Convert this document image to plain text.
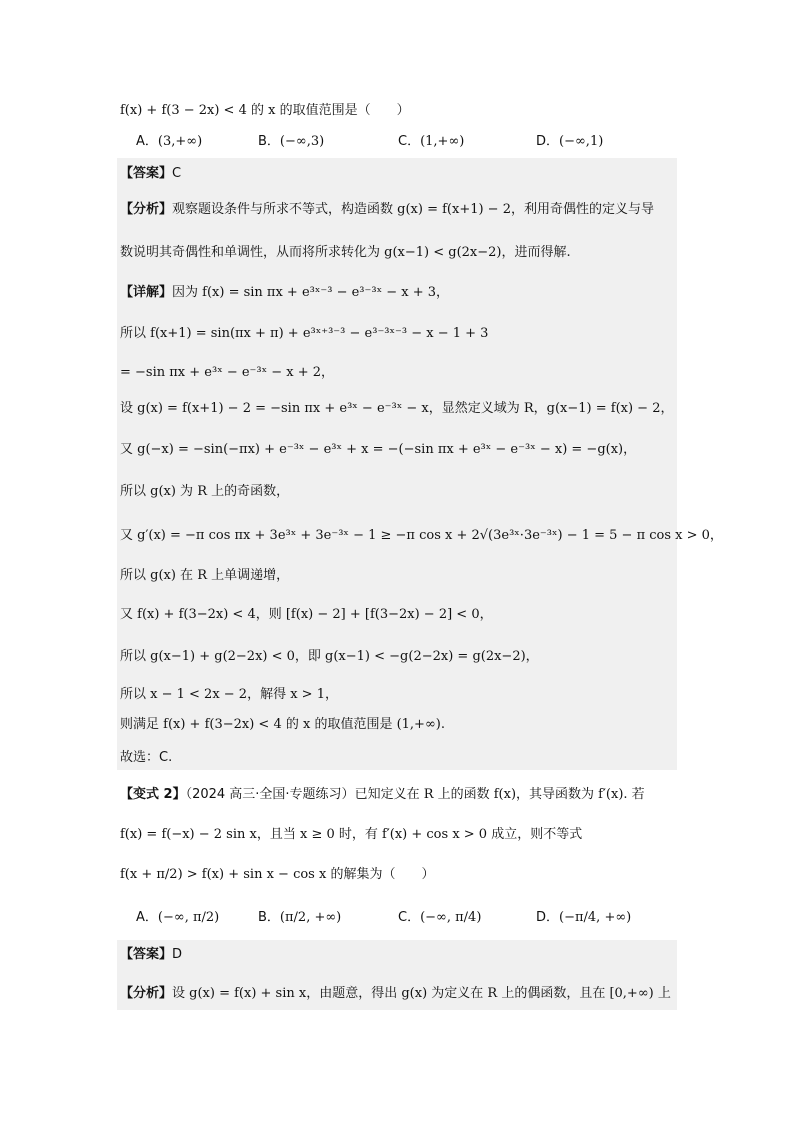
f(x) + f(3 − 2x) < 4 的 x 的取值范围是（　　）
A．(3,+∞)	B．(−∞,3)	C．(1,+∞)	D．(−∞,1)
【答案】C
【分析】观察题设条件与所求不等式，构造函数 g(x) = f(x+1) − 2，利用奇偶性的定义与导
数说明其奇偶性和单调性，从而将所求转化为 g(x−1) < g(2x−2)，进而得解.
【详解】因为 f(x) = sin πx + e³ˣ⁻³ − e³⁻³ˣ − x + 3，
所以 f(x+1) = sin(πx + π) + e³ˣ⁺³⁻³ − e³⁻³ˣ⁻³ − x − 1 + 3
= −sin πx + e³ˣ − e⁻³ˣ − x + 2，
设 g(x) = f(x+1) − 2 = −sin πx + e³ˣ − e⁻³ˣ − x，显然定义域为 R，g(x−1) = f(x) − 2，
又 g(−x) = −sin(−πx) + e⁻³ˣ − e³ˣ + x = −(−sin πx + e³ˣ − e⁻³ˣ − x) = −g(x)，
所以 g(x) 为 R 上的奇函数，
又 g′(x) = −π cos πx + 3e³ˣ + 3e⁻³ˣ − 1 ≥ −π cos x + 2√(3e³ˣ·3e⁻³ˣ) − 1 = 5 − π cos x > 0，
所以 g(x) 在 R 上单调递增，
又 f(x) + f(3−2x) < 4，则 [f(x) − 2] + [f(3−2x) − 2] < 0，
所以 g(x−1) + g(2−2x) < 0，即 g(x−1) < −g(2−2x) = g(2x−2)，
所以 x − 1 < 2x − 2，解得 x > 1，
则满足 f(x) + f(3−2x) < 4 的 x 的取值范围是 (1,+∞).
故选：C.
【变式 2】（2024 高三·全国·专题练习）已知定义在 R 上的函数 f(x)，其导函数为 f′(x). 若
f(x) = f(−x) − 2 sin x，且当 x ≥ 0 时，有 f′(x) + cos x > 0 成立，则不等式
f(x + π/2) > f(x) + sin x − cos x 的解集为（　　）
A．(−∞, π/2)	B．(π/2, +∞)	C．(−∞, π/4)	D．(−π/4, +∞)
【答案】D
【分析】设 g(x) = f(x) + sin x，由题意，得出 g(x) 为定义在 R 上的偶函数，且在 [0,+∞) 上
